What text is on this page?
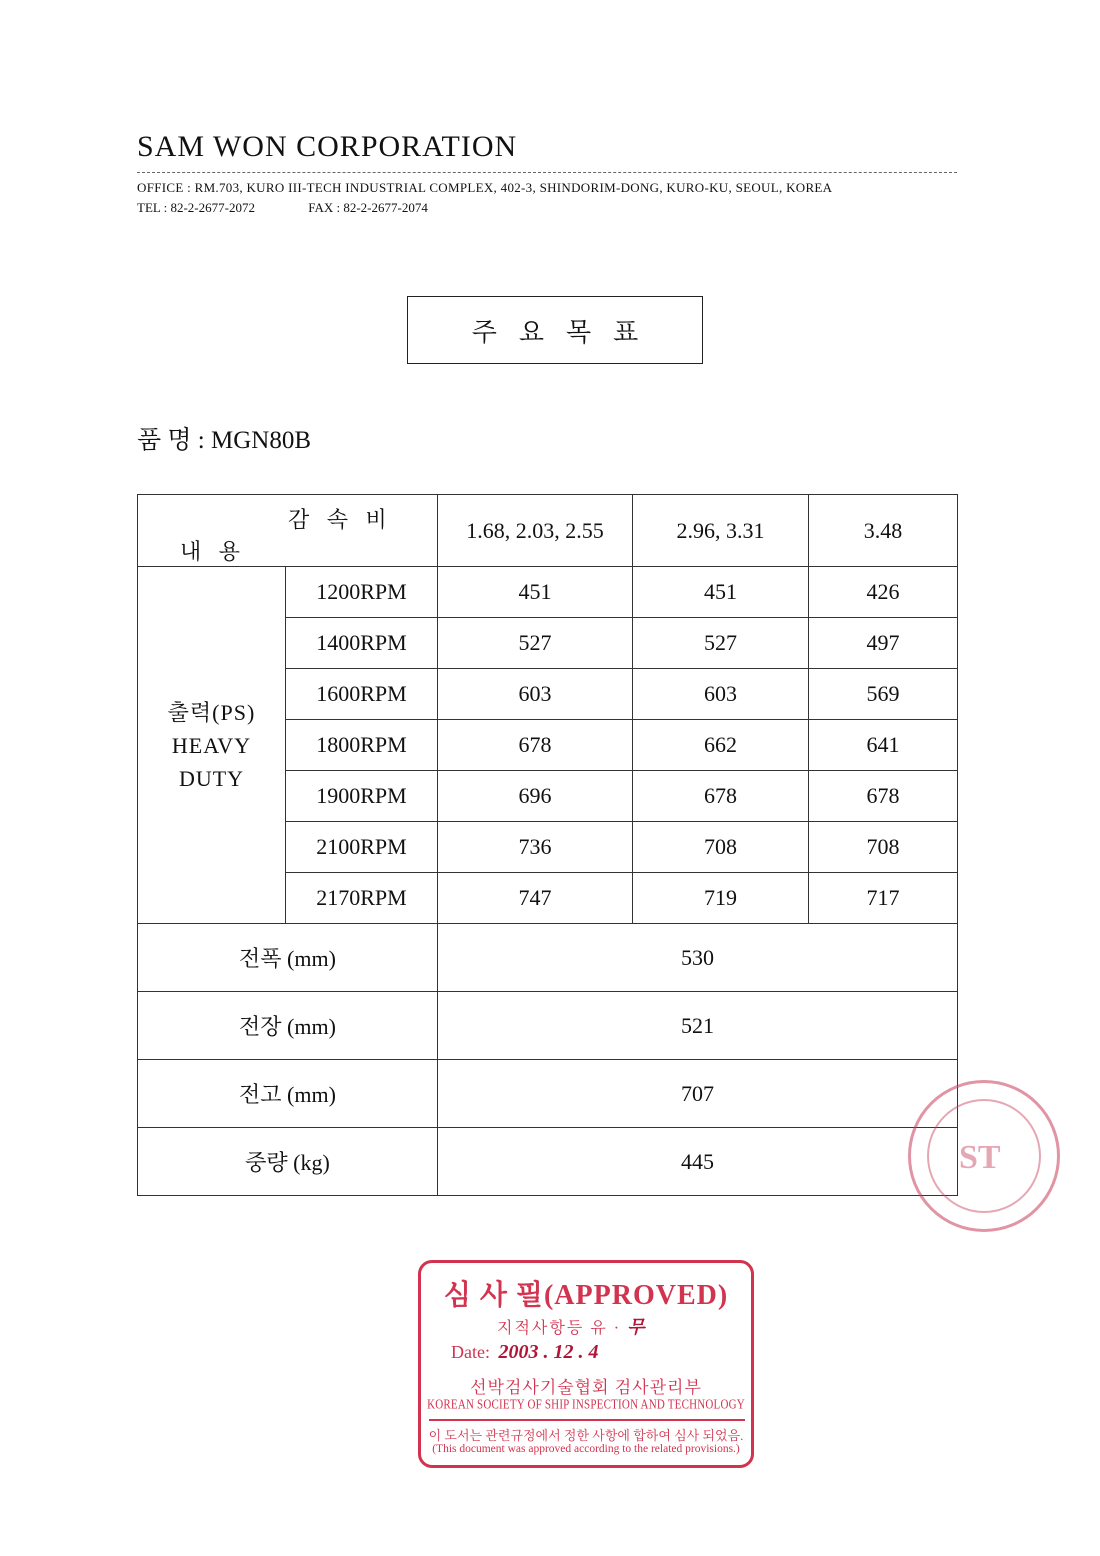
SAM WON CORPORATION
OFFICE : RM.703, KURO III-TECH INDUSTRIAL COMPLEX, 402-3, SHINDORIM-DONG, KURO-KU, SEOUL, KOREA
TEL : 82-2-2677-2072	FAX : 82-2-2677-2074
주요목표
품 명 : MGN80B
감 속 비
내 용		1.68, 2.03, 2.55	2.96, 3.31	3.48

출력(PS)
HEAVY
DUTY	1200RPM	451	451	426
	1400RPM	527	527	497
	1600RPM	603	603	569
	1800RPM	678	662	641
	1900RPM	696	678	678
	2100RPM	736	708	708
	2170RPM	747	719	717
전폭 (mm)		530		
전장 (mm)		521		
전고 (mm)		707		
중량 (kg)		445			ST
심 사 필(APPROVED)
지적사항등 유 · 무
Date: 2003 . 12 . 4
선박검사기술협회 검사관리부
KOREAN SOCIETY OF SHIP INSPECTION AND TECHNOLOGY
이 도서는 관련규정에서 정한 사항에 합하여 심사 되었음.
(This document was approved according to the related provisions.)
